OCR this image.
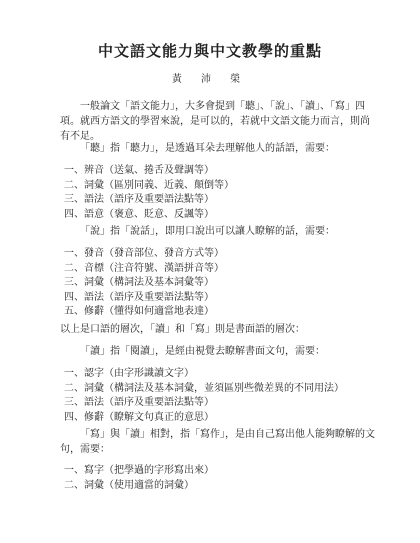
中文語文能力與中文教學的重點
黃 沛 榮
一般論文「語文能力」，大多會提到「聽」、「說」、「讀」、「寫」四項。就西方語文的學習來說，是可以的，若就中文語文能力而言，則尚有不足。
「聽」指「聽力」，是透過耳朵去理解他人的話語，需要：
一、辨音（送氣、捲舌及聲調等）
二、詞彙（區別同義、近義、顛倒等）
三、語法（語序及重要語法點等）
四、語意（褒意、貶意、反諷等）
「說」指「說話」，即用口說出可以讓人瞭解的話，需要：
一、發音（發音部位、發音方式等）
二、音標（注音符號、漢語拼音等）
三、詞彙（構詞法及基本詞彙等）
四、語法（語序及重要語法點等）
五、修辭（懂得如何適當地表達）
以上是口語的層次，「讀」和「寫」則是書面語的層次：
「讀」指「閱讀」，是經由視覺去瞭解書面文句，需要：
一、認字（由字形識讀文字）
二、詞彙（構詞法及基本詞彙，並須區別些微差異的不同用法）
三、語法（語序及重要語法點等）
四、修辭（瞭解文句真正的意思）
「寫」與「讀」相對，指「寫作」，是由自己寫出他人能夠瞭解的文句，需要：
一、寫字（把學過的字形寫出來）
二、詞彙（使用適當的詞彙）
